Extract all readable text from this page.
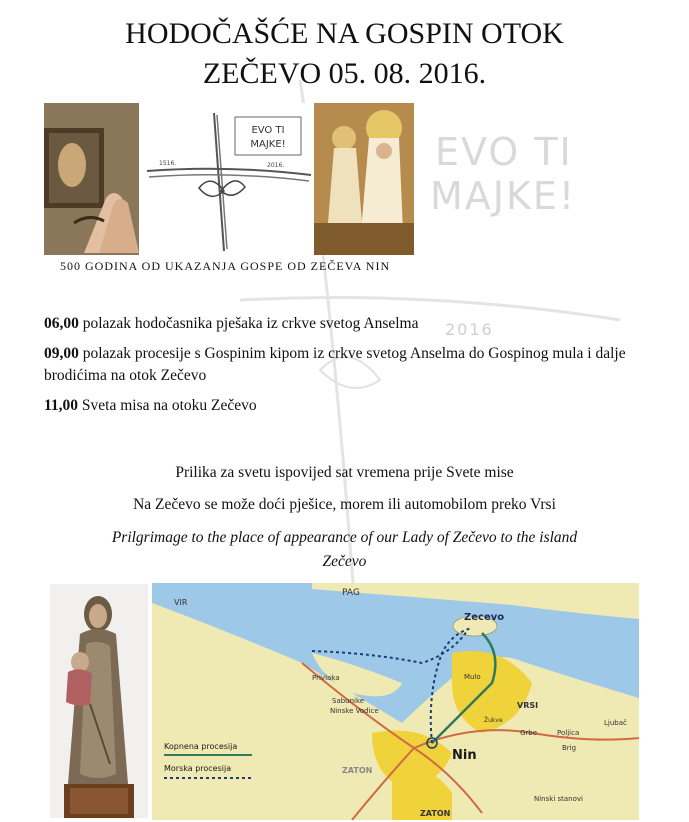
EVO TI
MAJKE!
2016
HODOČAŠĆE NA GOSPIN OTOK
ZEČEVO 05. 08. 2016.
EVO TI
MAJKE!
1516.	2016.
500 GODINA OD UKAZANJA GOSPE OD ZEČEVA NIN
06,00 polazak hodočasnika pješaka iz crkve svetog Anselma
09,00 polazak procesije s Gospinim kipom iz crkve svetog Anselma do Gospinog mula i dalje brodićima na otok Zečevo
11,00 Sveta misa na otoku Zečevo
Prilika za svetu ispovijed sat vremena prije Svete mise
Na Zečevo se može doći pješice, morem ili automobilom preko Vrsi
Prilgrimage to the place of appearance of our Lady of Zečevo to the island
Zečevo
PAG
VIR
Zecevo
Privlaka	Mulo
VRSI
Sabunike
Ninske Vodice
Žukve
Grbe	Poljica
Brig
Ljubač
Nin
ZATON
ZATON
Ninski stanovi
Kopnena procesija
Morska procesija
